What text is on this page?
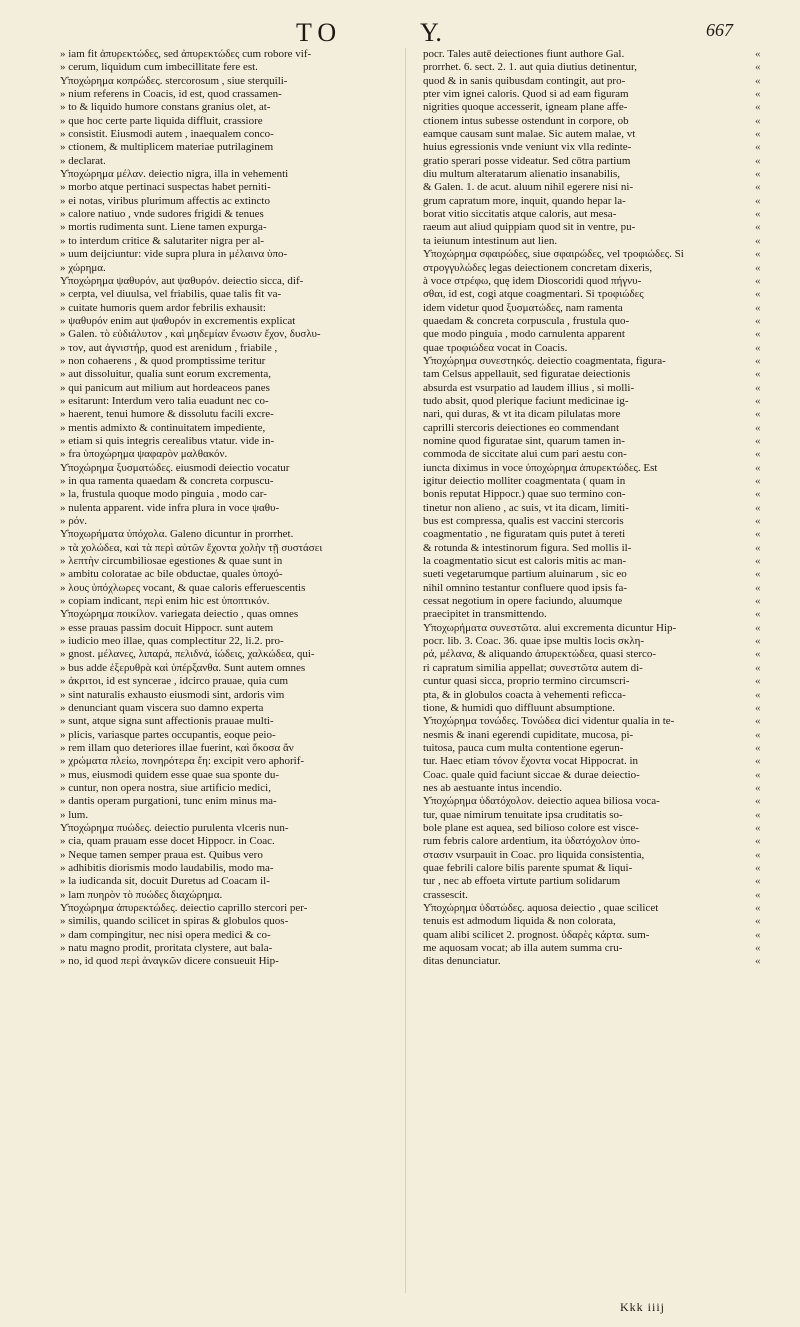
TO	Y.	667
» iam fit ἀπυρεκτώδες, sed ἀπυρεκτώδες cum robore vif-
» cerum, liquidum cum imbecillitate fere est.
Υ̓ποχώρημα κοπρώδες. stercorosum , siue sterquili-
» nium referens in Coacis, id est, quod crassamen-
» to & liquido humore constans granius olet, at-
» que hoc certe parte liquida diffluit, crassiore
» consistit. Eiusmodi autem , inaequalem conco-
» ctionem, & multiplicem materiae putrilaginem
» declarat.
Υ̓ποχώρημα μέλαν. deiectio nigra, illa in vehementi
» morbo atque pertinaci suspectas habet perniti-
» ei notas, viribus plurimum affectis ac extincto
» calore natiuo , vnde sudores frigidi & tenues
» mortis rudimenta sunt. Liene tamen expurga-
» to interdum critice & salutariter nigra per al-
» uum deijciuntur: vide supra plura in μέλαινα ὑπο-
» χώρημα.
Υ̓ποχώρημα ψαθυρόν, aut ψαθυρόν. deiectio sicca, dif-
» cerpta, vel diuulsa, vel friabilis, quae talis fit va-
» cuitate humoris quem ardor febrilis exhausit:
» ψαθυρόν enim aut ψαθυρόν in excrementis explicat
» Galen. τὸ εὐδιάλυτον , καὶ μηδεμίαν ἔνωσιν ἔχον, δυσλυ-
» τον, aut ἀγνιστήρ, quod est arenidum , friabile ,
» non cohaerens , & quod promptissime teritur
» aut dissoluitur, qualia sunt eorum excrementa,
» qui panicum aut milium aut hordeaceos panes
» esitarunt: Interdum vero talia euadunt nec co-
» haerent, tenui humore & dissolutu facili excre-
» mentis admixto & continuitatem impediente,
» etiam si quis integris cerealibus vtatur. vide in-
» fra ὑποχώρημα ψαφαρὸν μαλθακόν.
Υ̓ποχώρημα ξυσματώδες. eiusmodi deiectio vocatur
» in qua ramenta quaedam & concreta corpuscu-
» la, frustula quoque modo pinguia , modo car-
» nulenta apparent. vide infra plura in voce ψαθυ-
» ρόν.
Υ̓ποχωρήματα ὑπόχολα. Galeno dicuntur in prorrhet.
» τὰ χολώδεα, καὶ τὰ περὶ αὐτῶν ἔχοντα χολὴν τῇ συστάσει
» λεπτὴν circumbiliosae egestiones & quae sunt in
» ambitu coloratae ac bile obductae, quales ὑποχό-
» λους ὑπόχλωρες vocant, & quae caloris efferuescentis
» copiam indicant, περὶ enim hic est ὑποπτικόν.
Υ̓ποχώρημα ποικίλον. variegata deiectio , quas omnes
» esse prauas passim docuit Hippocr. sunt autem
» iudicio meo illae, quas complectitur 22, li.2. pro-
» gnost. μέλανες, λιπαρά, πελιδνά, ἰώδεις, χαλκώδεα, qui-
» bus adde ἐξερυθρὰ καὶ ὑπέρξανθα. Sunt autem omnes
» ἀκριτοι, id est syncerae , idcirco prauae, quia cum
» sint naturalis exhausto eiusmodi sint, ardoris vim
» denunciant quam viscera suo damno experta
» sunt, atque signa sunt affectionis prauae multi-
» plicis, variasque partes occupantis, eoque peio-
» rem illam quo deteriores illae fuerint, καὶ ὅκοσα ἄν
» χρώματα πλείω, πονηρότερα ἔη: excipit vero aphorif-
» mus, eiusmodi quidem esse quae sua sponte du-
» cuntur, non opera nostra, siue artificio medici,
» dantis operam purgationi, tunc enim minus ma-
» lum.
Υ̓ποχώρημα πυώδες. deiectio purulenta vlceris nun-
» cia, quam prauam esse docet Hippocr. in Coac.
» Neque tamen semper praua est. Quibus vero
» adhibitis diorismis modo laudabilis, modo ma-
» la iudicanda sit, docuit Duretus ad Coacam il-
» lam πυηρὸν τὸ πυώδες διαχώρημα.
Υ̓ποχώρημα ἀπυρεκτώδες. deiectio caprillo stercori per-
» similis, quando scilicet in spiras & globulos quos-
» dam compingitur, nec nisi opera medici & co-
» natu magno prodit, proritata clystere, aut bala-
» no, id quod περὶ ἀναγκῶν dicere consueuit Hip-
pocr. Tales autē deiectiones fiunt authore Gal.
prorrhet. 6. sect. 2. 1. aut quia diutius detinentur,
quod & in sanis quibusdam contingit, aut pro-
pter vim ignei caloris. Quod si ad eam figuram
nigrities quoque accesserit, igneam plane affe-
ctionem intus subesse ostendunt in corpore, ob
eamque causam sunt malae. Sic autem malae, vt
huius egressionis vnde veniunt vix vlla redinte-
gratio sperari posse videatur. Sed cōtra partium
diu multum alteratarum alienatio insanabilis,
& Galen. 1. de acut. aluum nihil egerere nisi ni-
grum capratum more, inquit, quando hepar la-
borat vitio siccitatis atque caloris, aut mesa-
raeum aut aliud quippiam quod sit in ventre, pu-
ta ieiunum intestinum aut lien.
Υ̓ποχώρημα σφαιρώδες, siue σφαιρώδες, vel τροφιώδες. Si
στρογγυλώδες legas deiectionem concretam dixeris,
à voce στρέφω, quę idem Dioscoridi quod πήγνυ-
σθαι, id est, cogi atque coagmentari. Si τροφιώδες
idem videtur quod ξυσματώδες, nam ramenta
quaedam & concreta corpuscula , frustula quo-
que modo pinguia , modo carnulenta apparent
quae τροφιώδεα vocat in Coacis.
Υ̓ποχώρημα συνεστηκός. deiectio coagmentata, figura-
tam Celsus appellauit, sed figuratae deiectionis
absurda est vsurpatio ad laudem illius , si molli-
tudo absit, quod plerique faciunt medicinae ig-
nari, qui duras, & vt ita dicam pilulatas more
caprilli stercoris deiectiones eo commendant
nomine quod figuratae sint, quarum tamen in-
commoda de siccitate alui cum pari aestu con-
iuncta diximus in voce ὑποχώρημα ἀπυρεκτώδες. Est
igitur deiectio molliter coagmentata ( quam in
bonis reputat Hippocr.) quae suo termino con-
tinetur non alieno , ac suis, vt ita dicam, limiti-
bus est compressa, qualis est vaccini stercoris
coagmentatio , ne figuratam quis putet à tereti
& rotunda & intestinorum figura. Sed mollis il-
la coagmentatio sicut est caloris mitis ac man-
sueti vegetarumque partium aluinarum , sic eo
nihil omnino testantur confluere quod ipsis fa-
cessat negotium in opere faciundo, aluumque
praecipitet in transmittendo.
Υ̓ποχωρήματα συνεστῶτα. alui excrementa dicuntur Hip-
pocr. lib. 3. Coac. 36. quae ipse multis locis σκλη-
ρά, μέλανα, & aliquando ἀπυρεκτώδεα, quasi sterco-
ri capratum similia appellat; συνεστῶτα autem di-
cuntur quasi sicca, proprio termino circumscri-
pta, & in globulos coacta à vehementi reficca-
tione, & humidi quo diffluunt absumptione.
Υ̓ποχώρημα τονώδες. Τονώδεα dici videntur qualia in te-
nesmis & inani egerendi cupiditate, mucosa, pi-
tuitosa, pauca cum multa contentione egerun-
tur. Haec etiam τόνον ἔχοντα vocat Hippocrat. in
Coac. quale quid faciunt siccae & durae deiectio-
nes ab aestuante intus incendio.
Υ̓ποχώρημα ὑδατόχολον. deiectio aquea biliosa voca-
tur, quae nimirum tenuitate ipsa cruditatis so-
bole plane est aquea, sed bilioso colore est visce-
rum febris calore ardentium, ita ὑδατόχολον ὑπο-
στασιν vsurpauit in Coac. pro liquida consistentia,
quae febrili calore bilis parente spumat & liqui-
tur , nec ab effoeta virtute partium solidarum
crassescit.
Υ̓ποχώρημα ὑδατώδες. aquosa deiectio , quae scilicet
tenuis est admodum liquida & non colorata,
quam alibi scilicet 2. prognost. ὑδαρὲς κάρτα. sum-
me aquosam vocat; ab illa autem summa cru-
ditas denunciatur.
«
«
«
«
«
«
«
«
«
«
«
«
«
«
«
«
«
«
«
«
«
«
«
«
«
«
«
«
«
«
«
«
«
«
«
«
«
«
«
«
«
«
«
«
«
«
«
«
«
«
«
«
«
«
«
«
«
«
«
«
«
«
«
«
«
«
«
«
«
Kkk iiij
